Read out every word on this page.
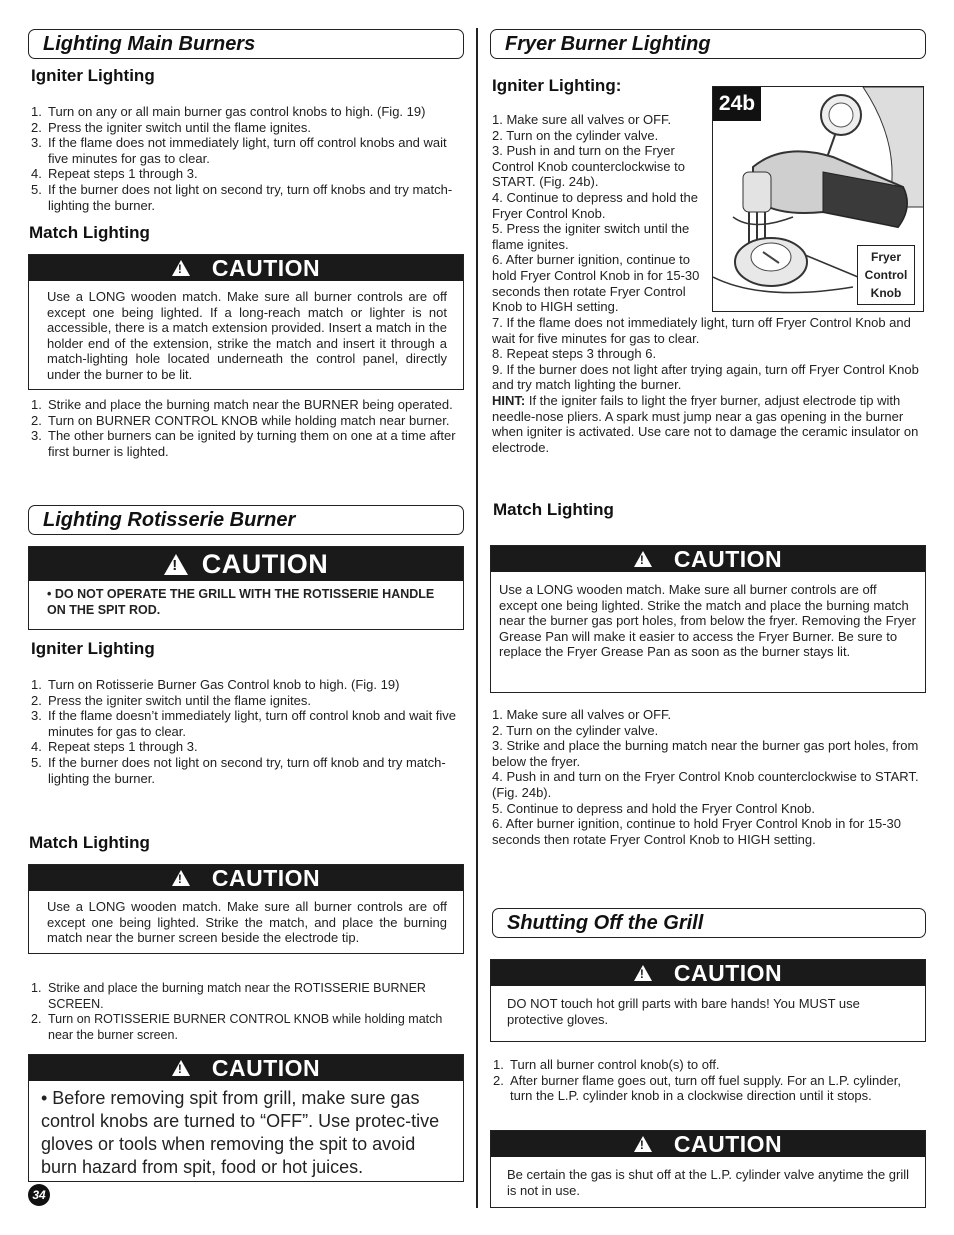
Lighting Main Burners
Igniter Lighting
1. Turn on any or all main burner gas control knobs to high. (Fig. 19)
2. Press the igniter switch until the flame ignites.
3. If the flame does not immediately light, turn off control knobs and wait five minutes for gas to clear.
4. Repeat steps 1 through 3.
5. If the burner does not light on second try, turn off knobs and try match-lighting the burner.
Match Lighting
!
CAUTION
Use a LONG wooden match. Make sure all burner controls are off except one being lighted. If a long-reach match or lighter is not accessible, there is a match extension provided. Insert a match in the holder end of the extension, strike the match and insert it through a match-lighting hole located underneath the control panel, directly under the burner to be lit.
1. Strike and place the burning match near the BURNER being operated.
2. Turn on BURNER CONTROL KNOB while holding match near burner.
3. The other burners can be ignited by turning them on one at a time after first burner is lighted.
Lighting Rotisserie Burner
!
CAUTION
• DO NOT OPERATE THE GRILL WITH THE ROTISSERIE HANDLE ON THE SPIT ROD.
Igniter Lighting
1. Turn on Rotisserie Burner Gas Control knob to high. (Fig. 19)
2. Press the igniter switch until the flame ignites.
3. If the flame doesn’t immediately light, turn off control knob and wait five minutes for gas to clear.
4. Repeat steps 1 through 3.
5. If the burner does not light on second try, turn off knob and try match-lighting the burner.
Match Lighting
!
CAUTION
Use a LONG wooden match. Make sure all burner controls are off except one being lighted. Strike the match, and place the burning match near the burner screen beside the electrode tip.
1. Strike and place the burning match near the ROTISSERIE BURNER SCREEN.
2. Turn on ROTISSERIE BURNER CONTROL KNOB while holding match near the burner screen.
!
CAUTION
• Before removing spit from grill, make sure gas control knobs are turned to “OFF”. Use protec-tive gloves or tools when removing the spit to avoid burn hazard from spit, food or hot juices.
34
Fryer Burner Lighting
Igniter Lighting:
24b
Fryer
Control
Knob
1. Make sure all valves or OFF.
2. Turn on the cylinder valve.
3. Push in and turn on the Fryer Control Knob counterclockwise to START. (Fig. 24b).
4. Continue to depress and hold the Fryer Control Knob.
5. Press the igniter switch until the flame ignites.
6. After burner ignition, continue to hold Fryer Control Knob in for 15-30 seconds then rotate Fryer Control Knob to HIGH setting.
7. If the flame does not immediately light, turn off Fryer Control Knob and wait for five minutes for gas to clear.
8. Repeat steps 3 through 6.
9. If the burner does not light after trying again, turn off Fryer Control Knob and try match lighting the burner.
HINT: If the igniter fails to light the fryer burner, adjust electrode tip with needle-nose pliers. A spark must jump near a gas opening in the burner when igniter is activated. Use care not to damage the ceramic insulator on electrode.
Match Lighting
!
CAUTION
Use a LONG wooden match. Make sure all burner controls are off except one being lighted. Strike the match and place the burning match near the burner gas port holes, from below the fryer. Removing the Fryer Grease Pan will make it easier to access the Fryer Burner. Be sure to replace the Fryer Grease Pan as soon as the burner stays lit.
1. Make sure all valves or OFF.
2. Turn on the cylinder valve.
3. Strike and place the burning match near the burner gas port holes, from below the fryer.
4. Push in and turn on the Fryer Control Knob counterclockwise to START. (Fig. 24b).
5. Continue to depress and hold the Fryer Control Knob.
6. After burner ignition, continue to hold Fryer Control Knob in for 15-30 seconds then rotate Fryer Control Knob to HIGH setting.
Shutting Off the Grill
!
CAUTION
DO NOT touch hot grill parts with bare hands! You MUST use protective gloves.
1. Turn all burner control knob(s) to off.
2. After burner flame goes out, turn off fuel supply. For an L.P. cylinder, turn the L.P. cylinder knob in a clockwise direction until it stops.
!
CAUTION
Be certain the gas is shut off at the L.P. cylinder valve anytime the grill is not in use.
